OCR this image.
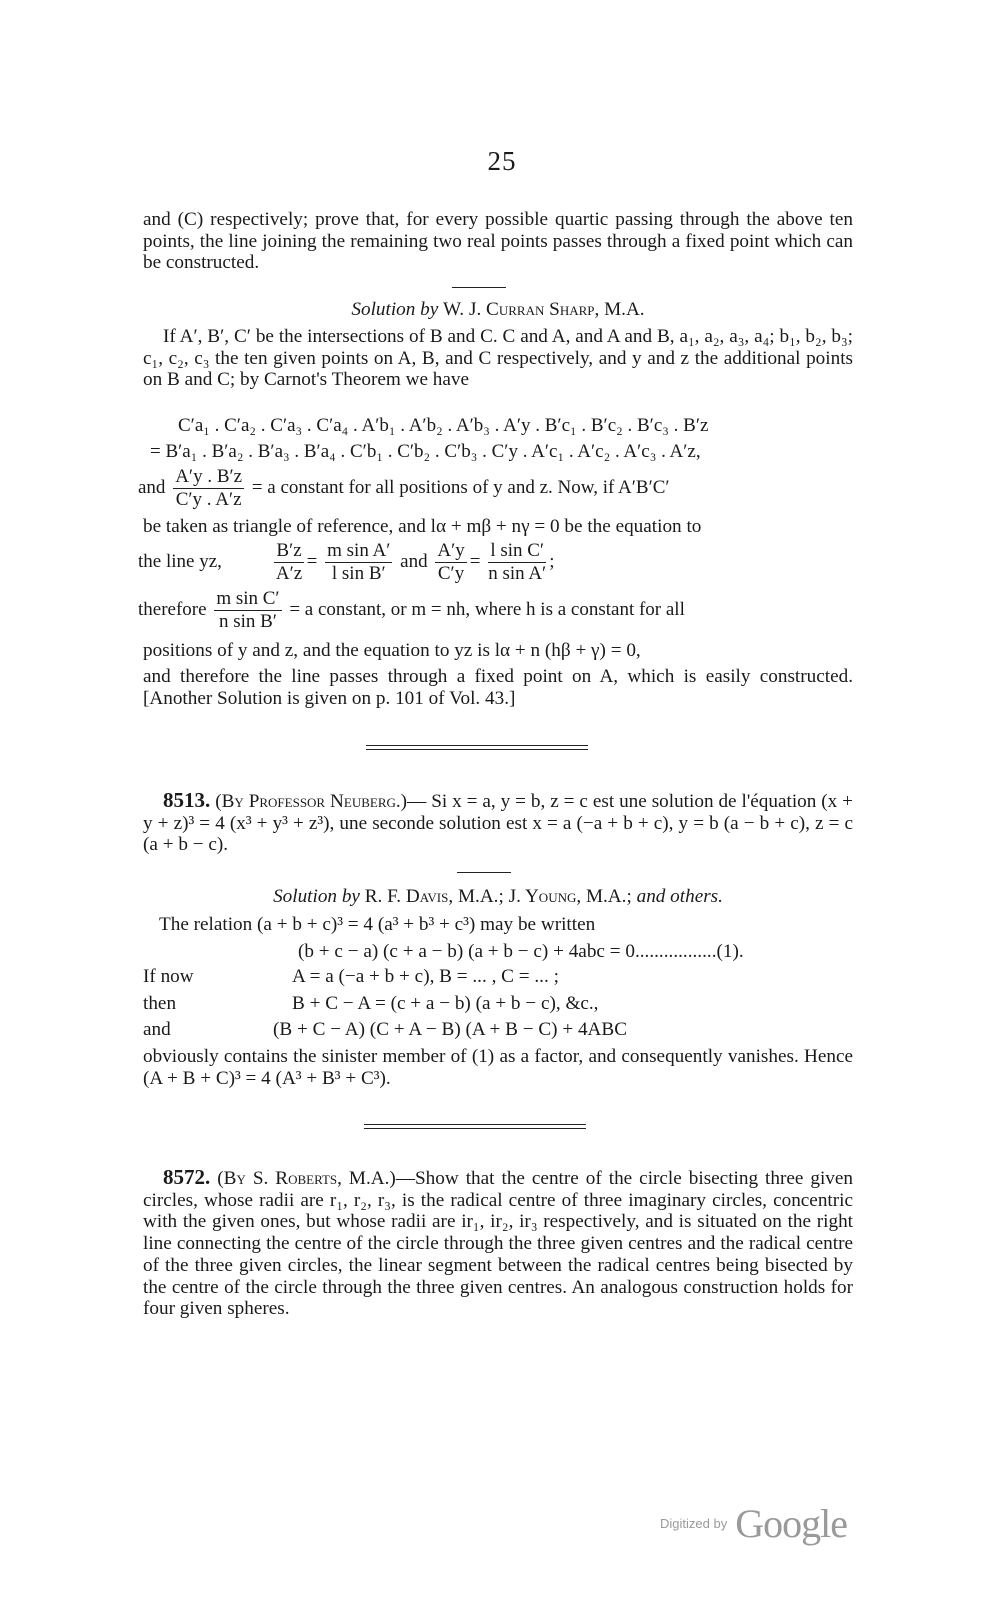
25

and (C) respectively; prove that, for every possible quartic passing through the above ten points, the line joining the remaining two real points passes through a fixed point which can be constructed.

Solution by W. J. Curran Sharp, M.A.

If A′, B′, C′ be the intersections of B and C. C and A, and A and B, a₁, a₂, a₃, a₄; b₁, b₂, b₃; c₁, c₂, c₃ the ten given points on A, B, and C respectively, and y and z the additional points on B and C; by Carnot's Theorem we have

C′a₁ . C′a₂ . C′a₃ . C′a₄ . A′b₁ . A′b₂ . A′b₃ . A′y . B′c₁ . B′c₂ . B′c₃ . B′z
= B′a₁ . B′a₂ . B′a₃ . B′a₄ . C′b₁ . C′b₂ . C′b₃ . C′y . A′c₁ . A′c₂ . A′c₃ . A′z,
and $\frac{A'y . B'z}{C'y . A'z} = a$ constant for all positions of y and z. Now, if A′B′C′

be taken as triangle of reference, and lα + mβ + nγ = 0 be the equation to

the line yz,	$\frac{B'z}{A'z} = \frac{\text{m sin A′}}{\text{l sin B′}}$ and $\frac{A'y}{C'y} = \frac{\text{l sin C′}}{\text{n sin A′}}$ ;
therefore $\frac{\text{m sin C′}}{\text{n sin B′}} = a$ constant, or m = nh, where h is a constant for all

positions of y and z, and the equation to yz is lα + n (hβ + γ) = 0,

and therefore the line passes through a fixed point on A, which is easily constructed. [Another Solution is given on p. 101 of Vol. 43.]

8513. (By Professor Neuberg.)— Si x = a, y = b, z = c est une solution de l'équation (x + y + z)³ = 4 (x³ + y³ + z³), une seconde solution est x = a (−a + b + c), y = b (a − b + c), z = c (a + b − c).

Solution by R. F. Davis, M.A.; J. Young, M.A.; and others.

The relation (a + b + c)³ = 4 (a³ + b³ + c³) may be written

(b + c − a) (c + a − b) (a + b − c) + 4abc = 0.................(1).
If now	A = a (−a + b + c), B = ... , C = ... ;
then	B + C − A = (c + a − b) (a + b − c), &c.,
and	(B + C − A) (C + A − B) (A + B − C) + 4ABC

obviously contains the sinister member of (1) as a factor, and consequently vanishes. Hence (A + B + C)³ = 4 (A³ + B³ + C³).

8572. (By S. Roberts, M.A.)—Show that the centre of the circle bisecting three given circles, whose radii are r₁, r₂, r₃, is the radical centre of three imaginary circles, concentric with the given ones, but whose radii are ir₁, ir₂, ir₃ respectively, and is situated on the right line connecting the centre of the circle through the three given centres and the radical centre of the three given circles, the linear segment between the radical centres being bisected by the centre of the circle through the three given centres. An analogous construction holds for four given spheres.

Digitized by Google
